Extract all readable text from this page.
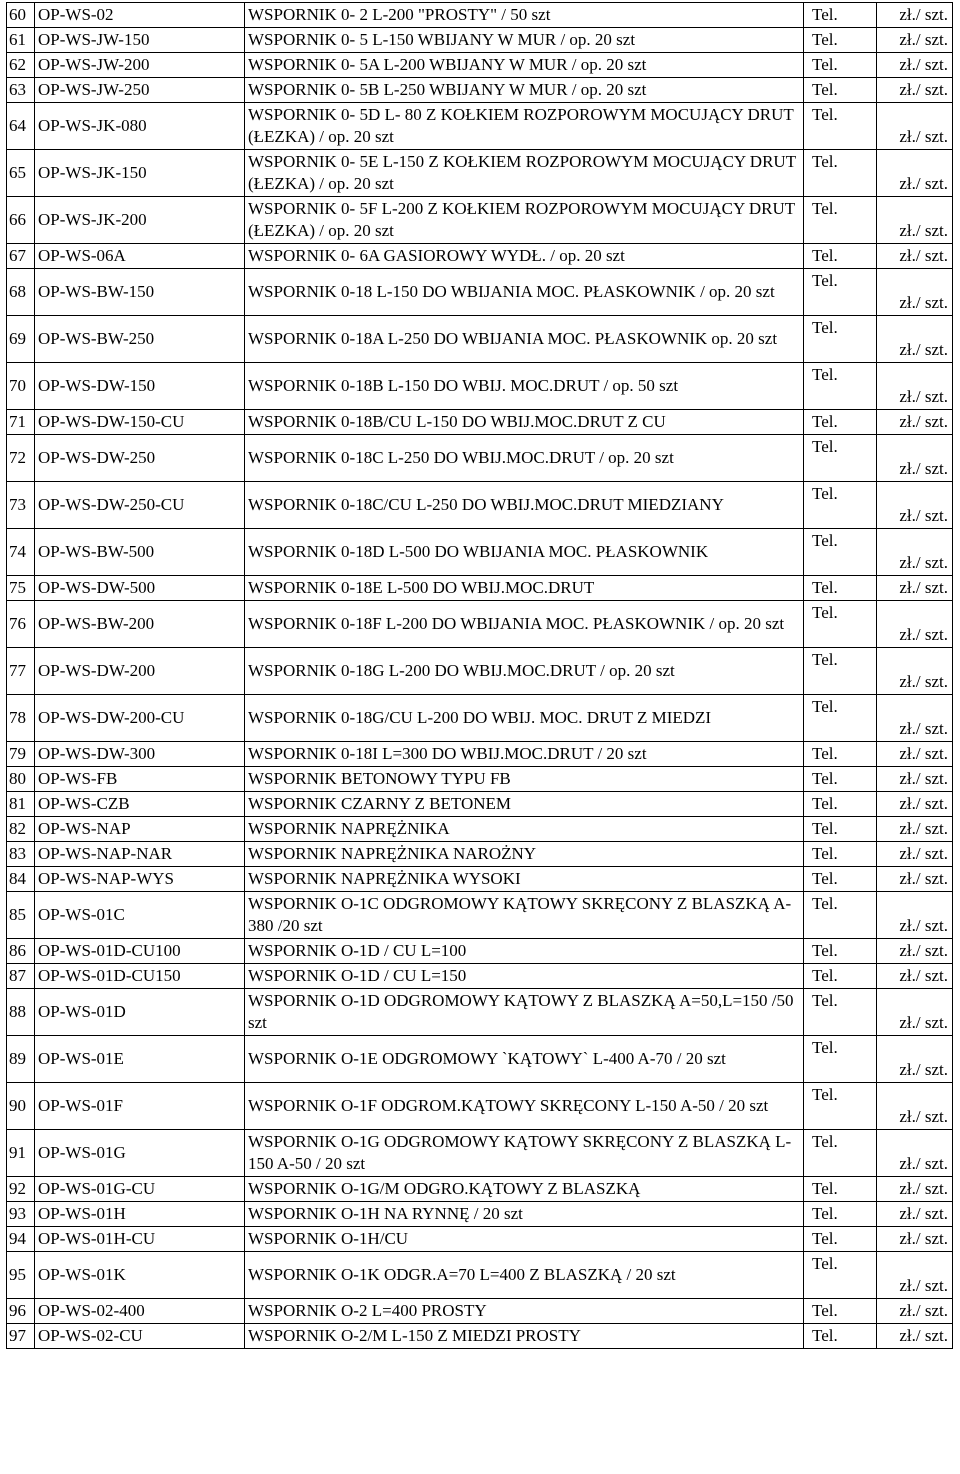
60	OP-WS-02	WSPORNIK 0- 2 L-200 "PROSTY" / 50 szt	Tel.	zł./ szt.
61	OP-WS-JW-150	WSPORNIK 0- 5 L-150 WBIJANY W MUR / op. 20 szt	Tel.	zł./ szt.
62	OP-WS-JW-200	WSPORNIK 0- 5A L-200 WBIJANY W MUR / op. 20 szt	Tel.	zł./ szt.
63	OP-WS-JW-250	WSPORNIK 0- 5B L-250 WBIJANY W MUR / op. 20 szt	Tel.	zł./ szt.
64	OP-WS-JK-080	WSPORNIK 0- 5D L- 80 Z KOŁKIEM ROZPOROWYM MOCUJĄCY DRUT (ŁEZKA) / op. 20 szt	Tel.	zł./ szt.
65	OP-WS-JK-150	WSPORNIK 0- 5E L-150 Z KOŁKIEM ROZPOROWYM MOCUJĄCY DRUT (ŁEZKA) / op. 20 szt	Tel.	zł./ szt.
66	OP-WS-JK-200	WSPORNIK 0- 5F L-200 Z KOŁKIEM ROZPOROWYM MOCUJĄCY DRUT (ŁEZKA) / op. 20 szt	Tel.	zł./ szt.
67	OP-WS-06A	WSPORNIK 0- 6A GASIOROWY WYDŁ. / op. 20 szt	Tel.	zł./ szt.
68	OP-WS-BW-150	WSPORNIK 0-18 L-150 DO WBIJANIA MOC. PŁASKOWNIK / op. 20 szt	Tel.	zł./ szt.
69	OP-WS-BW-250	WSPORNIK 0-18A L-250 DO WBIJANIA MOC. PŁASKOWNIK op. 20 szt	Tel.	zł./ szt.
70	OP-WS-DW-150	WSPORNIK 0-18B L-150 DO WBIJ. MOC.DRUT / op. 50 szt	Tel.	zł./ szt.
71	OP-WS-DW-150-CU	WSPORNIK 0-18B/CU L-150 DO WBIJ.MOC.DRUT Z CU	Tel.	zł./ szt.
72	OP-WS-DW-250	WSPORNIK 0-18C L-250 DO WBIJ.MOC.DRUT / op. 20 szt	Tel.	zł./ szt.
73	OP-WS-DW-250-CU	WSPORNIK 0-18C/CU L-250 DO WBIJ.MOC.DRUT MIEDZIANY	Tel.	zł./ szt.
74	OP-WS-BW-500	WSPORNIK 0-18D L-500 DO WBIJANIA MOC. PŁASKOWNIK	Tel.	zł./ szt.
75	OP-WS-DW-500	WSPORNIK 0-18E L-500 DO WBIJ.MOC.DRUT	Tel.	zł./ szt.
76	OP-WS-BW-200	WSPORNIK 0-18F L-200 DO WBIJANIA MOC. PŁASKOWNIK / op. 20 szt	Tel.	zł./ szt.
77	OP-WS-DW-200	WSPORNIK 0-18G L-200 DO WBIJ.MOC.DRUT / op. 20 szt	Tel.	zł./ szt.
78	OP-WS-DW-200-CU	WSPORNIK 0-18G/CU L-200 DO WBIJ. MOC. DRUT Z MIEDZI	Tel.	zł./ szt.
79	OP-WS-DW-300	WSPORNIK 0-18I L=300 DO WBIJ.MOC.DRUT / 20 szt	Tel.	zł./ szt.
80	OP-WS-FB	WSPORNIK BETONOWY TYPU FB	Tel.	zł./ szt.
81	OP-WS-CZB	WSPORNIK CZARNY Z BETONEM	Tel.	zł./ szt.
82	OP-WS-NAP	WSPORNIK NAPRĘŻNIKA	Tel.	zł./ szt.
83	OP-WS-NAP-NAR	WSPORNIK NAPRĘŻNIKA NAROŻNY	Tel.	zł./ szt.
84	OP-WS-NAP-WYS	WSPORNIK NAPRĘŻNIKA WYSOKI	Tel.	zł./ szt.
85	OP-WS-01C	WSPORNIK O-1C ODGROMOWY KĄTOWY SKRĘCONY Z BLASZKĄ A-380 /20 szt	Tel.	zł./ szt.
86	OP-WS-01D-CU100	WSPORNIK O-1D / CU L=100	Tel.	zł./ szt.
87	OP-WS-01D-CU150	WSPORNIK O-1D / CU L=150	Tel.	zł./ szt.
88	OP-WS-01D	WSPORNIK O-1D ODGROMOWY KĄTOWY Z BLASZKĄ A=50,L=150 /50 szt	Tel.	zł./ szt.
89	OP-WS-01E	WSPORNIK O-1E ODGROMOWY `KĄTOWY` L-400 A-70 / 20 szt	Tel.	zł./ szt.
90	OP-WS-01F	WSPORNIK O-1F ODGROM.KĄTOWY SKRĘCONY L-150 A-50 / 20 szt	Tel.	zł./ szt.
91	OP-WS-01G	WSPORNIK O-1G ODGROMOWY KĄTOWY SKRĘCONY Z BLASZKĄ L-150 A-50 / 20 szt	Tel.	zł./ szt.
92	OP-WS-01G-CU	WSPORNIK O-1G/M ODGRO.KĄTOWY Z BLASZKĄ	Tel.	zł./ szt.
93	OP-WS-01H	WSPORNIK O-1H NA RYNNĘ / 20 szt	Tel.	zł./ szt.
94	OP-WS-01H-CU	WSPORNIK O-1H/CU	Tel.	zł./ szt.
95	OP-WS-01K	WSPORNIK O-1K ODGR.A=70 L=400 Z BLASZKĄ / 20 szt	Tel.	zł./ szt.
96	OP-WS-02-400	WSPORNIK O-2 L=400 PROSTY	Tel.	zł./ szt.
97	OP-WS-02-CU	WSPORNIK O-2/M L-150 Z MIEDZI PROSTY	Tel.	zł./ szt.
